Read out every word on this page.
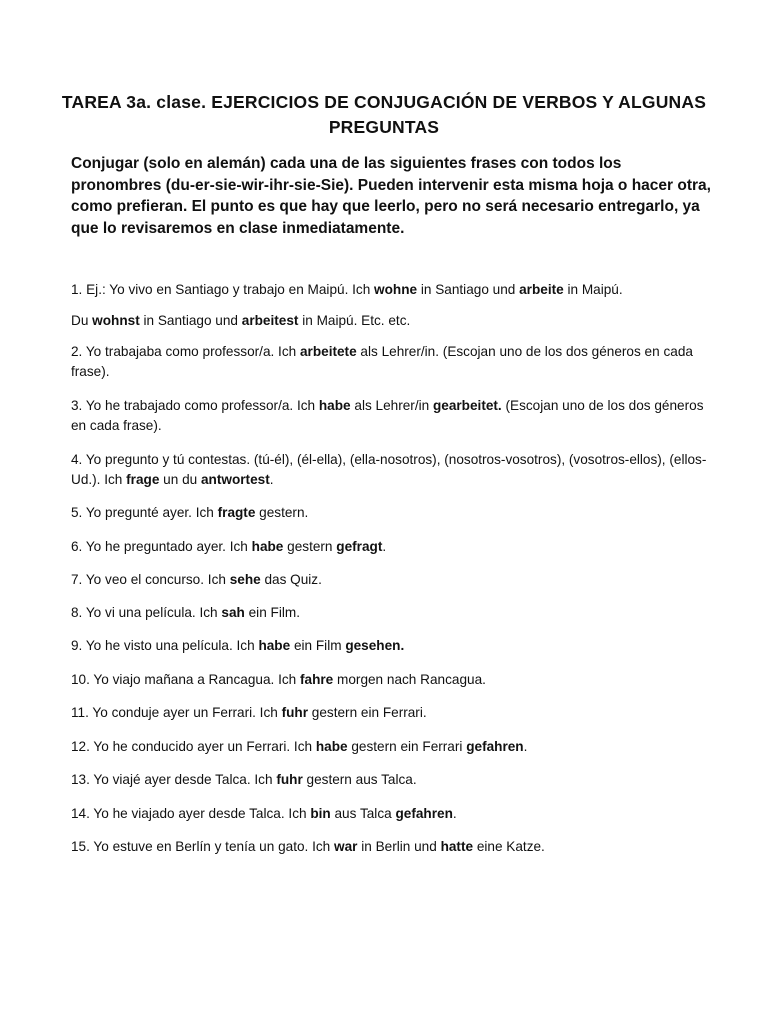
TAREA 3a. clase. EJERCICIOS DE CONJUGACIÓN DE VERBOS Y ALGUNAS PREGUNTAS
Conjugar (solo en alemán) cada una de las siguientes frases con todos los pronombres (du-er-sie-wir-ihr-sie-Sie). Pueden intervenir esta misma hoja o hacer otra, como prefieran. El punto es que hay que leerlo, pero no será necesario entregarlo, ya que lo revisaremos en clase inmediatamente.

1. Ej.: Yo vivo en Santiago y trabajo en Maipú. Ich wohne in Santiago und arbeite in Maipú.

Du wohnst in Santiago und arbeitest in Maipú. Etc. etc.

2. Yo trabajaba como professor/a. Ich arbeitete als Lehrer/in. (Escojan uno de los dos géneros en cada frase).

3. Yo he trabajado como professor/a. Ich habe als Lehrer/in gearbeitet. (Escojan uno de los dos géneros en cada frase).

4. Yo pregunto y tú contestas. (tú-él), (él-ella), (ella-nosotros), (nosotros-vosotros), (vosotros-ellos), (ellos-Ud.). Ich frage un du antwortest.

5. Yo pregunté ayer. Ich fragte gestern.

6. Yo he preguntado ayer. Ich habe gestern gefragt.

7. Yo veo el concurso. Ich sehe das Quiz.

8. Yo vi una película. Ich sah ein Film.

9. Yo he visto una película. Ich habe ein Film gesehen.

10. Yo viajo mañana a Rancagua. Ich fahre morgen nach Rancagua.

11. Yo conduje ayer un Ferrari. Ich fuhr gestern ein Ferrari.

12. Yo he conducido ayer un Ferrari. Ich habe gestern ein Ferrari gefahren.

13. Yo viajé ayer desde Talca. Ich fuhr gestern aus Talca.

14. Yo he viajado ayer desde Talca. Ich bin aus Talca gefahren.

15. Yo estuve en Berlín y tenía un gato. Ich war in Berlin und hatte eine Katze.
